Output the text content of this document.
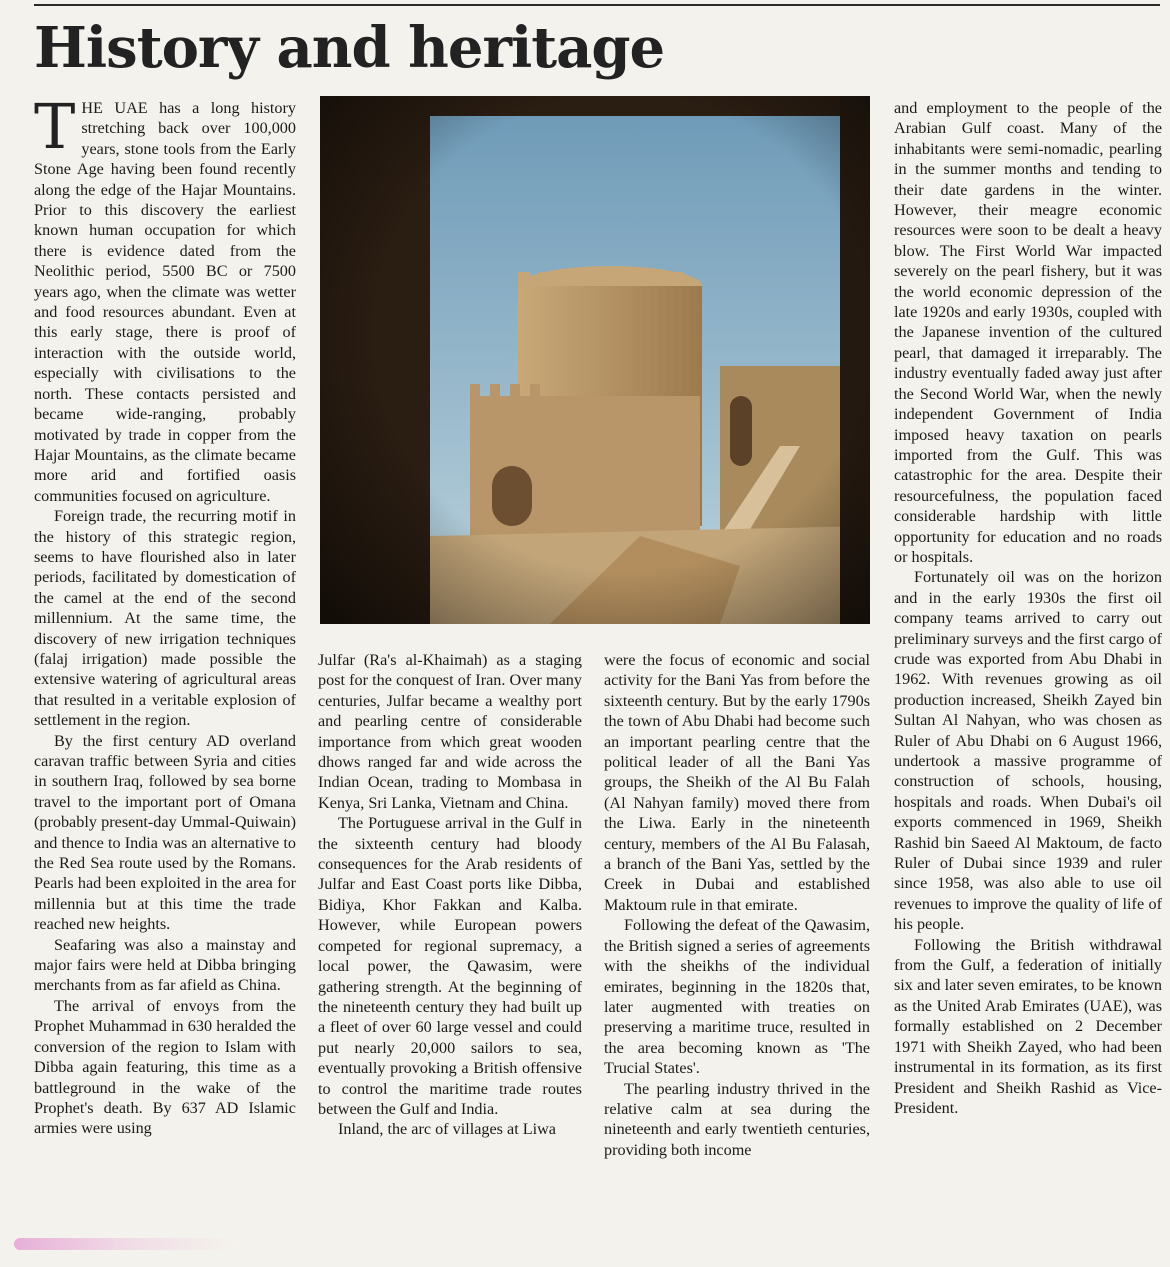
History and heritage

THE UAE has a long history stretching back over 100,000 years, stone tools from the Early Stone Age having been found recently along the edge of the Hajar Mountains. Prior to this discovery the earliest known human occupation for which there is evidence dated from the Neolithic period, 5500 BC or 7500 years ago, when the climate was wetter and food resources abundant. Even at this early stage, there is proof of interaction with the outside world, especially with civilisations to the north. These contacts persisted and became wide-ranging, probably motivated by trade in copper from the Hajar Mountains, as the climate became more arid and fortified oasis communities focused on agriculture.

Foreign trade, the recurring motif in the history of this strategic region, seems to have flourished also in later periods, facilitated by domestication of the camel at the end of the second millennium. At the same time, the discovery of new irrigation techniques (falaj irrigation) made possible the extensive watering of agricultural areas that resulted in a veritable explosion of settlement in the region.

By the first century AD overland caravan traffic between Syria and cities in southern Iraq, followed by sea borne travel to the important port of Omana (probably present-day Ummal-Quiwain) and thence to India was an alternative to the Red Sea route used by the Romans. Pearls had been exploited in the area for millennia but at this time the trade reached new heights.

Seafaring was also a mainstay and major fairs were held at Dibba bringing merchants from as far afield as China.

The arrival of envoys from the Prophet Muhammad in 630 heralded the conversion of the region to Islam with Dibba again featuring, this time as a battleground in the wake of the Prophet's death. By 637 AD Islamic armies were using

Julfar (Ra's al-Khaimah) as a staging post for the conquest of Iran. Over many centuries, Julfar became a wealthy port and pearling centre of considerable importance from which great wooden dhows ranged far and wide across the Indian Ocean, trading to Mombasa in Kenya, Sri Lanka, Vietnam and China.

The Portuguese arrival in the Gulf in the sixteenth century had bloody consequences for the Arab residents of Julfar and East Coast ports like Dibba, Bidiya, Khor Fakkan and Kalba. However, while European powers competed for regional supremacy, a local power, the Qawasim, were gathering strength. At the beginning of the nineteenth century they had built up a fleet of over 60 large vessel and could put nearly 20,000 sailors to sea, eventually provoking a British offensive to control the maritime trade routes between the Gulf and India.

Inland, the arc of villages at Liwa

were the focus of economic and social activity for the Bani Yas from before the sixteenth century. But by the early 1790s the town of Abu Dhabi had become such an important pearling centre that the political leader of all the Bani Yas groups, the Sheikh of the Al Bu Falah (Al Nahyan family) moved there from the Liwa. Early in the nineteenth century, members of the Al Bu Falasah, a branch of the Bani Yas, settled by the Creek in Dubai and established Maktoum rule in that emirate.

Following the defeat of the Qawasim, the British signed a series of agreements with the sheikhs of the individual emirates, beginning in the 1820s that, later augmented with treaties on preserving a maritime truce, resulted in the area becoming known as 'The Trucial States'.

The pearling industry thrived in the relative calm at sea during the nineteenth and early twentieth centuries, providing both income

and employment to the people of the Arabian Gulf coast. Many of the inhabitants were semi-nomadic, pearling in the summer months and tending to their date gardens in the winter. However, their meagre economic resources were soon to be dealt a heavy blow. The First World War impacted severely on the pearl fishery, but it was the world economic depression of the late 1920s and early 1930s, coupled with the Japanese invention of the cultured pearl, that damaged it irreparably. The industry eventually faded away just after the Second World War, when the newly independent Government of India imposed heavy taxation on pearls imported from the Gulf. This was catastrophic for the area. Despite their resourcefulness, the population faced considerable hardship with little opportunity for education and no roads or hospitals.

Fortunately oil was on the horizon and in the early 1930s the first oil company teams arrived to carry out preliminary surveys and the first cargo of crude was exported from Abu Dhabi in 1962. With revenues growing as oil production increased, Sheikh Zayed bin Sultan Al Nahyan, who was chosen as Ruler of Abu Dhabi on 6 August 1966, undertook a massive programme of construction of schools, housing, hospitals and roads. When Dubai's oil exports commenced in 1969, Sheikh Rashid bin Saeed Al Maktoum, de facto Ruler of Dubai since 1939 and ruler since 1958, was also able to use oil revenues to improve the quality of life of his people.

Following the British withdrawal from the Gulf, a federation of initially six and later seven emirates, to be known as the United Arab Emirates (UAE), was formally established on 2 December 1971 with Sheikh Zayed, who had been instrumental in its formation, as its first President and Sheikh Rashid as Vice-President.
